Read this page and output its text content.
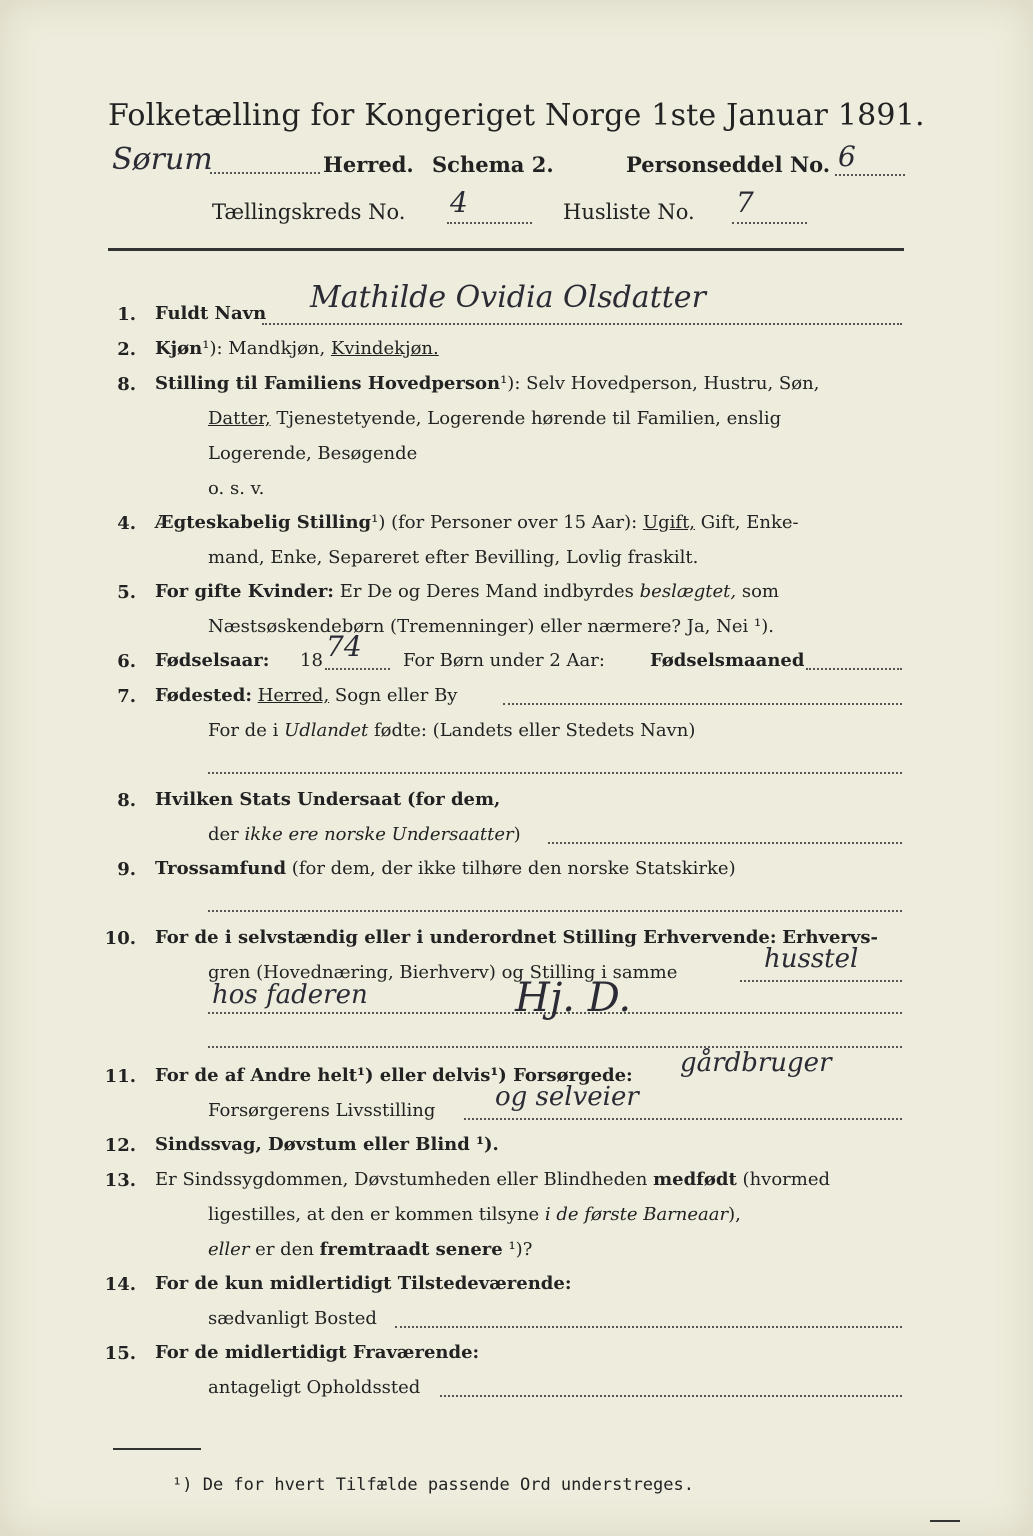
Folketælling for Kongeriget Norge 1ste Januar 1891.
Sørum	Herred. Schema 2.	Personseddel No. 6
Tællingskreds No. 4	Husliste No. 7
1. Fuldt Navn Mathilde Ovidia Olsdatter
2. Kjøn¹): Mandkjøn, Kvindekjøn.
8. Stilling til Familiens Hovedperson¹): Selv Hovedperson, Hustru, Søn,
Datter, Tjenestetyende, Logerende hørende til Familien, enslig
Logerende, Besøgende
o. s. v.
4. Ægteskabelig Stilling¹) (for Personer over 15 Aar): Ugift, Gift, Enke-
mand, Enke, Separeret efter Bevilling, Lovlig fraskilt.
5. For gifte Kvinder: Er De og Deres Mand indbyrdes beslægtet, som
Næstsøskendebørn (Tremenninger) eller nærmere? Ja, Nei ¹).
6. Fødselsaar: 18 74 For Børn under 2 Aar:	Fødselsmaaned
7. Fødested: Herred, Sogn eller By
For de i Udlandet fødte: (Landets eller Stedets Navn)
8. Hvilken Stats Undersaat (for dem,
der ikke ere norske Undersaatter)
9. Trossamfund (for dem, der ikke tilhøre den norske Statskirke)
10. For de i selvstændig eller i underordnet Stilling Erhvervende: Erhvervs-
gren (Hovednæring, Bierhverv) og Stilling i samme	husstel
hos faderen	Hj. D.
11. For de af Andre helt¹) eller delvis¹) Forsørgede: gårdbruger
Forsørgerens Livsstilling og selveier
12. Sindssvag, Døvstum eller Blind ¹).
13. Er Sindssygdommen, Døvstumheden eller Blindheden medfødt (hvormed
ligestilles, at den er kommen tilsyne i de første Barneaar),
eller er den fremtraadt senere ¹)?
14. For de kun midlertidigt Tilstedeværende:
sædvanligt Bosted
15. For de midlertidigt Fraværende:
antageligt Opholdssted
¹) De for hvert Tilfælde passende Ord understreges.
